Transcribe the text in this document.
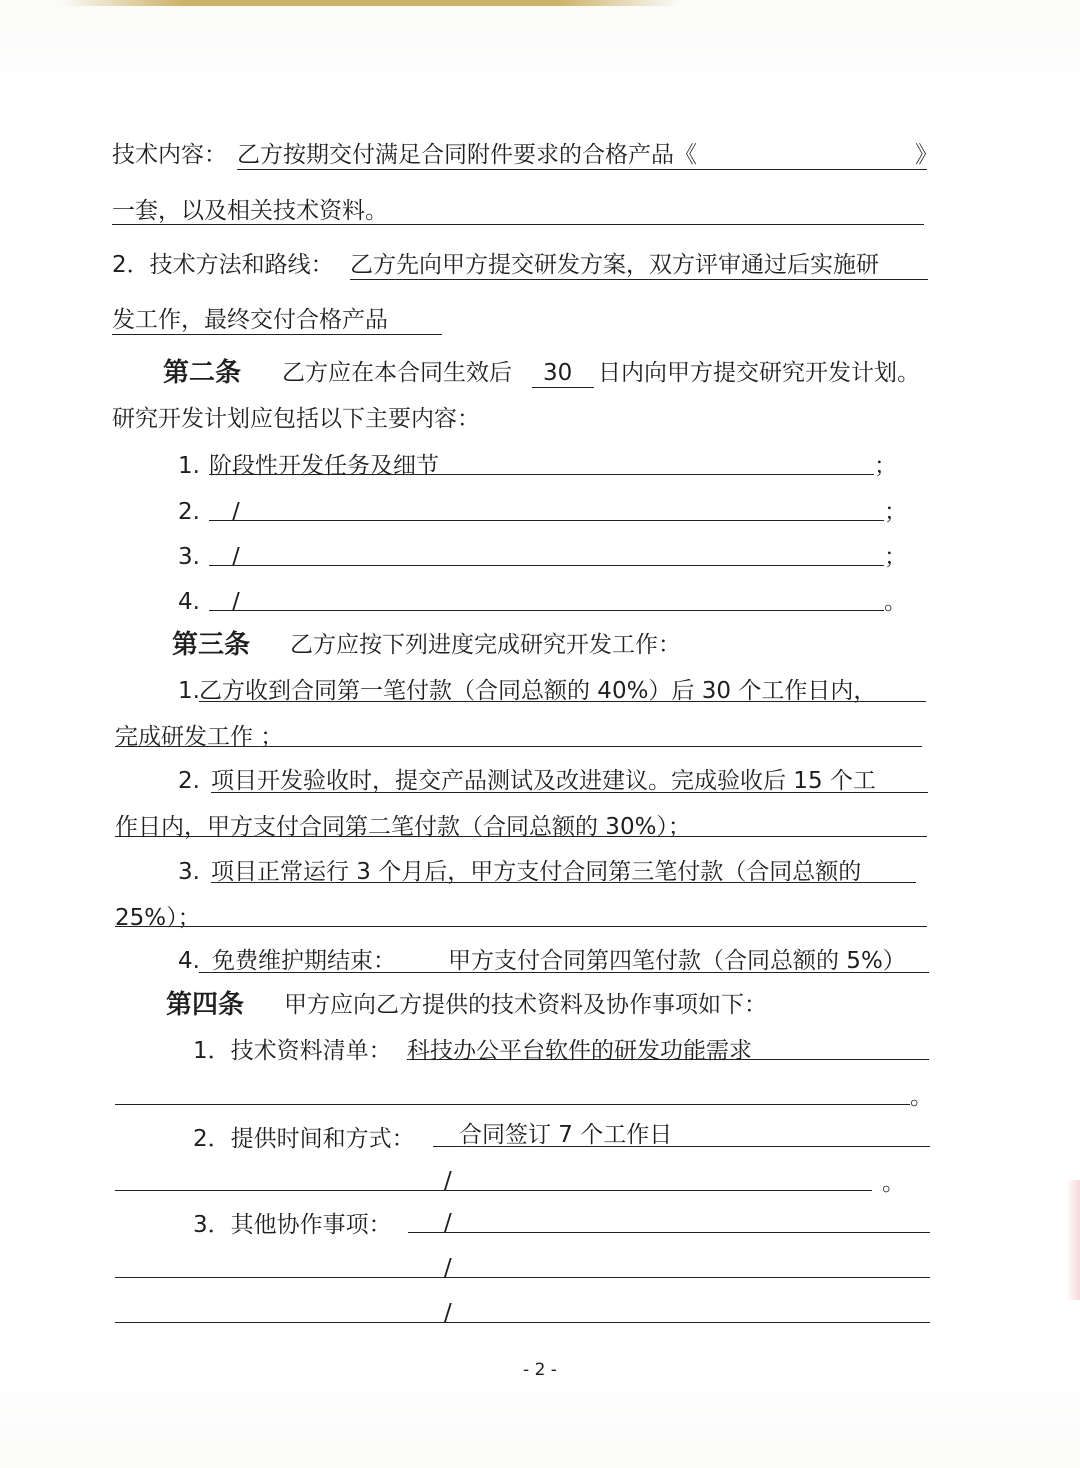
技术内容： 乙方按期交付满足合同附件要求的合格产品《	》
一套，以及相关技术资料。
2．技术方法和路线： 乙方先向甲方提交研发方案，双方评审通过后实施研
发工作，最终交付合格产品
第二条 乙方应在本合同生效后 30 日内向甲方提交研究开发计划。
研究开发计划应包括以下主要内容：
1. 阶段性开发任务及细节	；
2. /	；
3. /	；
4. /	。
第三条 乙方应按下列进度完成研究开发工作：
1. 乙方收到合同第一笔付款（合同总额的 40%）后 30 个工作日内，
完成研发工作 ；
2. 项目开发验收时，提交产品测试及改进建议。完成验收后 15 个工
作日内，甲方支付合同第二笔付款（合同总额的 30%）；
3. 项目正常运行 3 个月后，甲方支付合同第三笔付款（合同总额的
25%）；
4. 免费维护期结束： 甲方支付合同第四笔付款（合同总额的 5%）
第四条 甲方应向乙方提供的技术资料及协作事项如下：
1．技术资料清单： 科技办公平台软件的研发功能需求
。
2．提供时间和方式： 合同签订 7 个工作日
/	。
3．其他协作事项： /
/
/
- 2 -
